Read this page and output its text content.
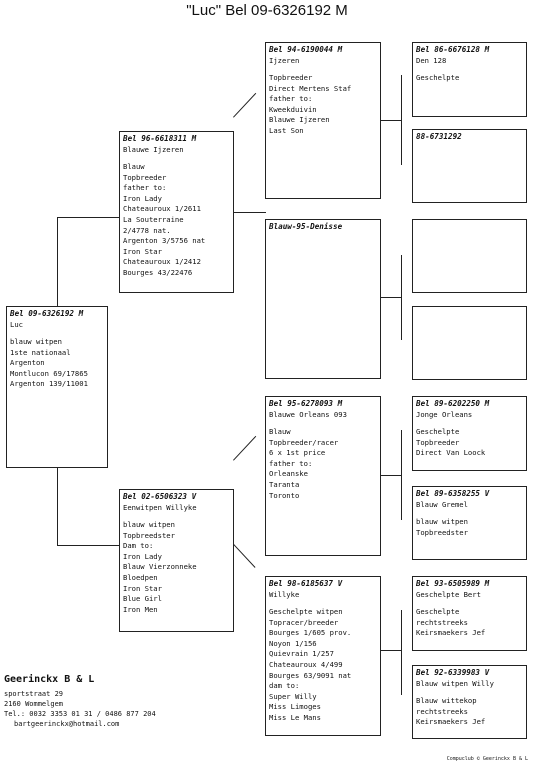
"Luc" Bel 09-6326192 M
Bel 09-6326192 M
Luc
blauw witpen
1ste nationaal
Argenton
Montlucon 69/17865
Argenton 139/11001
Bel 96-6618311 M
Blauwe Ijzeren
Blauw
Topbreeder
father to:
Iron Lady
Chateauroux 1/2611
La Souterraine
2/4778 nat.
Argenton 3/5756 nat
Iron Star
Chateauroux 1/2412
Bourges 43/22476
Bel 02-6506323 V
Eenwitpen Willyke
blauw witpen
Topbreedster
Dam to:
Iron Lady
Blauw Vierzonneke
Bloedpen
Iron Star
Blue Girl
Iron Men
Bel 94-6190044 M
Ijzeren
Topbreeder
Direct Mertens Staf
father to:
Kweekduivin
Blauwe Ijzeren
Last Son
Blauw-95-Denisse
Bel 95-6278093 M
Blauwe Orleans 093
Blauw
Topbreeder/racer
6 x 1st price
father to:
Orleanske
Taranta
Toronto
Bel 98-6185637 V
Willyke
Geschelpte witpen
Topracer/breeder
Bourges 1/605 prov.
Noyon 1/156
Quievrain 1/257
Chateauroux 4/499
Bourges 63/9091 nat
dam to:
Super Willy
Miss Limoges
Miss Le Mans
Bel 86-6676128 M
Den 128
Geschelpte
88-6731292
Bel 89-6202250 M
Jonge Orleans
Geschelpte
Topbreeder
Direct Van Loock
Bel 89-6358255 V
Blauw Gremel
blauw witpen
Topbreedster
Bel 93-6505989 M
Geschelpte Bert
Geschelpte
rechtstreeks
Keirsmaekers Jef
Bel 92-6339983 V
Blauw witpen Willy
Blauw wittekop
rechtstreeks
Keirsmaekers Jef
Geerinckx B & L
sportstraat 29
2160 Wommelgem
Tel.: 0032 3353 01 31 / 0486 877 204
bartgeerinckx@hotmail.com
Compuclub © Geerinckx B & L
